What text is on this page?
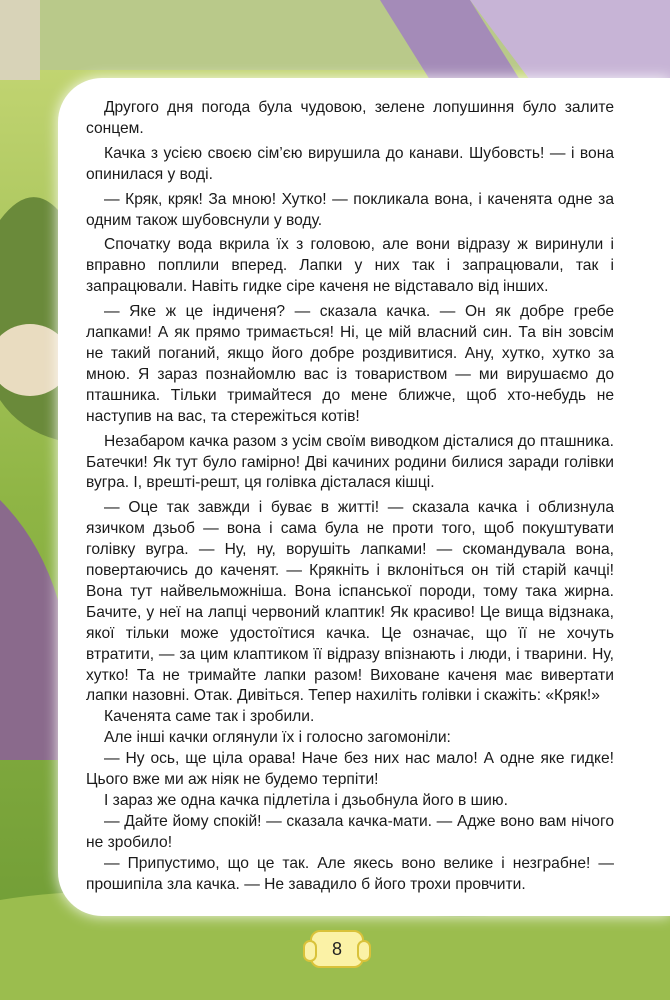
Другого дня погода була чудовою, зелене лопушиння було залите сонцем.

Качка з усією своєю сім’єю вирушила до канави. Шубовсть! — і вона опинилася у воді.

— Кряк, кряк! За мною! Хутко! — покликала вона, і каченята одне за одним також шубовснули у воду.

Спочатку вода вкрила їх з головою, але вони відразу ж виринули і вправно поплили вперед. Лапки у них так і запрацювали, так і запрацювали. Навіть гидке сіре каченя не відставало від інших.

— Яке ж це індиченя? — сказала качка. — Он як добре гребе лапками! А як прямо тримається! Ні, це мій власний син. Та він зовсім не такий поганий, якщо його добре роздивитися. Ану, хутко, хутко за мною. Я зараз познайомлю вас із товариством — ми вирушаємо до пташника. Тільки тримайтеся до мене ближче, щоб хто-небудь не наступив на вас, та стережіться котів!

Незабаром качка разом з усім своїм виводком дісталися до пташника. Батечки! Як тут було гамірно! Дві качиних родини билися заради голівки вугра. І, врешті-решт, ця голівка дісталася кішці.

— Оце так завжди і буває в житті! — сказала качка і облизнула язичком дзьоб — вона і сама була не проти того, щоб покуштувати голівку вугра. — Ну, ну, ворушіть лапками! — скомандувала вона, повертаючись до каченят. — Крякніть і вклоніться он тій старій качці! Вона тут найвельможніша. Вона іспанської породи, тому така жирна. Бачите, у неї на лапці червоний клаптик! Як красиво! Це вища відзнака, якої тільки може удостоїтися качка. Це означає, що її не хочуть втратити, — за цим клаптиком її відразу впізнають і люди, і тварини. Ну, хутко! Та не тримайте лапки разом! Виховане каченя має вивертати лапки назовні. Отак. Дивіться. Тепер нахиліть голівки і скажіть: «Кряк!»

Каченята саме так і зробили.

Але інші качки оглянули їх і голосно загомоніли:

— Ну ось, ще ціла орава! Наче без них нас мало! А одне яке гидке! Цього вже ми аж ніяк не будемо терпіти!

І зараз же одна качка підлетіла і дзьобнула його в шию.

— Дайте йому спокій! — сказала качка-мати. — Адже воно вам нічого не зробило!

— Припустимо, що це так. Але якесь воно велике і незграбне! — прошипіла зла качка. — Не завадило б його трохи провчити.

8
